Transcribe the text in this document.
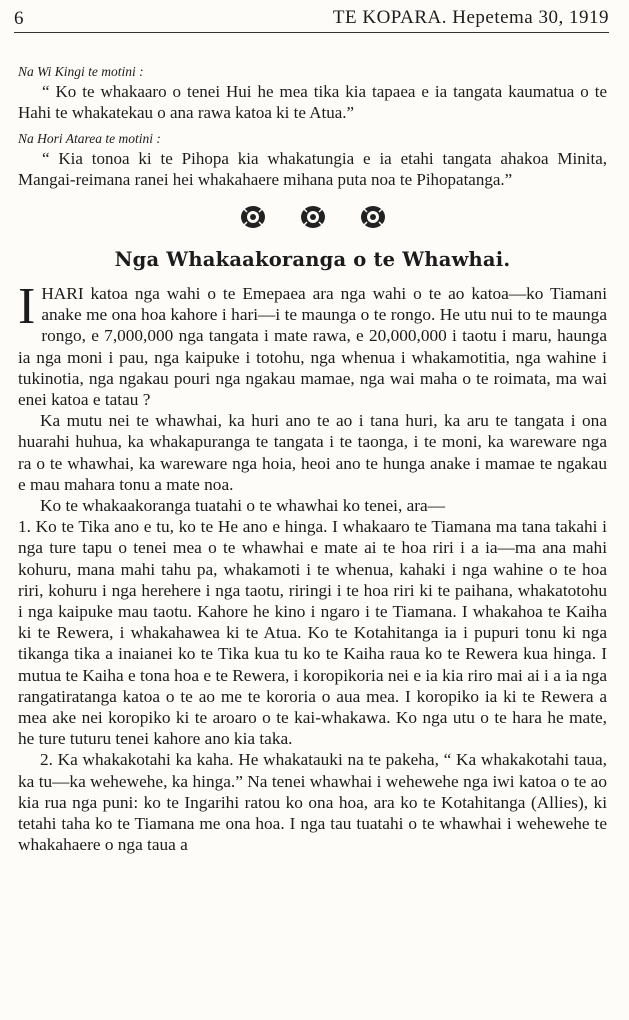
6	TE KOPARA. Hepetema 30, 1919

Na Wi Kingi te motini :

“ Ko te whakaaro o tenei Hui he mea tika kia tapaea e ia tangata kaumatua o te Hahi te whakatekau o ana rawa katoa ki te Atua.”

Na Hori Atarea te motini :

“ Kia tonoa ki te Pihopa kia whakatungia e ia etahi tangata ahakoa Minita, Mangai-reimana ranei hei whakahaere mihana puta noa te Pihopatanga.”

Nga Whakaakoranga o te Whawhai.

IHARI katoa nga wahi o te Emepaea ara nga wahi o te ao katoa—ko Tiamani anake me ona hoa kahore i hari—i te maunga o te rongo. He utu nui to te maunga rongo, e 7,000,000 nga tangata i mate rawa, e 20,000,000 i taotu i maru, haunga ia nga moni i pau, nga kaipuke i totohu, nga whenua i whakamotitia, nga wahine i tukinotia, nga ngakau pouri nga ngakau mamae, nga wai maha o te roimata, ma wai enei katoa e tatau ?

Ka mutu nei te whawhai, ka huri ano te ao i tana huri, ka aru te tangata i ona huarahi huhua, ka whakapuranga te tangata i te taonga, i te moni, ka wareware nga ra o te whawhai, ka wareware nga hoia, heoi ano te hunga anake i mamae te ngakau e mau mahara tonu a mate noa.

Ko te whakaakoranga tuatahi o te whawhai ko tenei, ara—

1. Ko te Tika ano e tu, ko te He ano e hinga. I whakaaro te Tiamana ma tana takahi i nga ture tapu o tenei mea o te whawhai e mate ai te hoa riri i a ia—ma ana mahi kohuru, mana mahi tahu pa, whakamoti i te whenua, kahaki i nga wahine o te hoa riri, kohuru i nga herehere i nga taotu, riringi i te hoa riri ki te paihana, whakatotohu i nga kaipuke mau taotu. Kahore he kino i ngaro i te Tiamana. I whakahoa te Kaiha ki te Rewera, i whakahawea ki te Atua. Ko te Kotahitanga ia i pupuri tonu ki nga tikanga tika a inaianei ko te Tika kua tu ko te Kaiha raua ko te Rewera kua hinga. I mutua te Kaiha e tona hoa e te Rewera, i koropikoria nei e ia kia riro mai ai i a ia nga rangatiratanga katoa o te ao me te kororia o aua mea. I koropiko ia ki te Rewera a mea ake nei koropiko ki te aroaro o te kai-whakawa. Ko nga utu o te hara he mate, he ture tuturu tenei kahore ano kia taka.

2. Ka whakakotahi ka kaha. He whakatauki na te pakeha, “ Ka whakakotahi taua, ka tu—ka wehewehe, ka hinga.” Na tenei whawhai i wehewehe nga iwi katoa o te ao kia rua nga puni: ko te Ingarihi ratou ko ona hoa, ara ko te Kotahitanga (Allies), ki tetahi taha ko te Tiamana me ona hoa. I nga tau tuatahi o te whawhai i wehewehe te whakahaere o nga taua a
